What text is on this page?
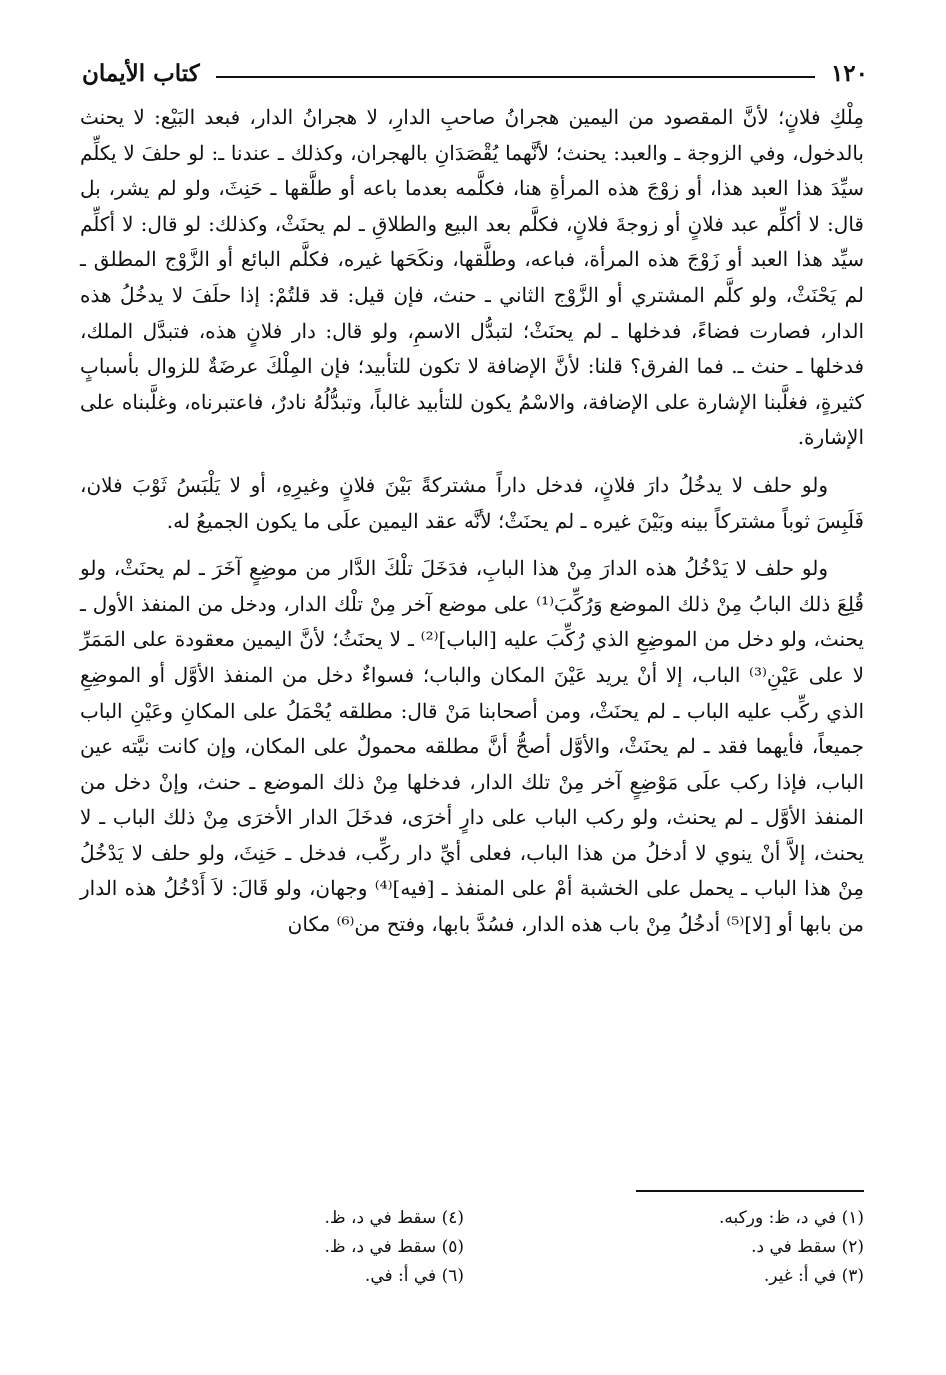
١٢٠
كتاب الأيمان

مِلْكِ فلانٍ؛ لأنَّ المقصود من اليمين هجرانُ صاحبِ الدارِ، لا هجرانُ الدار، فبعد البَيْع: لا يحنث بالدخول، وفي الزوجة ـ والعبد: يحنث؛ لأنَّهما يُقْصَدَانِ بالهجران، وكذلك ـ عندنا ـ: لو حلفَ لا يكلِّم سيِّدَ هذا العبد هذا، أو زوْجَ هذه المرأةِ هنا، فكلَّمه بعدما باعه أو طلَّقها ـ حَنِثَ، ولو لم يشر، بل قال: لا أكلِّم عبد فلانٍ أو زوجةَ فلانٍ، فكلَّم بعد البيع والطلاقِ ـ لم يحنَثْ، وكذلك: لو قال: لا أكلِّم سيِّد هذا العبد أو زَوْجَ هذه المرأة، فباعه، وطلَّقها، ونكَحَها غيره، فكلَّم البائع أو الزَّوْج المطلق ـ لم يَحْنَثْ، ولو كلَّم المشتري أو الزَّوْج الثاني ـ حنث، فإن قيل: قد قلتُمْ: إذا حلَفَ لا يدخُلُ هذه الدار، فصارت فضاءً، فدخلها ـ لم يحنَثْ؛ لتبدُّل الاسمِ، ولو قال: دار فلانٍ هذه، فتبدَّل الملك، فدخلها ـ حنث ـ. فما الفرق؟ قلنا: لأنَّ الإضافة لا تكون للتأبيد؛ فإن المِلْكَ عرضَةٌ للزوال بأسبابٍ كثيرةٍ، فغلَّبنا الإشارة على الإضافة، والاسْمُ يكون للتأبيد غالباً، وتبدُّلُهُ نادرٌ، فاعتبرناه، وغلَّبناه على الإشارة.

ولو حلف لا يدخُلُ دارَ فلانٍ، فدخل داراً مشتركةً بَيْنَ فلانٍ وغيرِهِ، أو لا يَلْبَسُ ثَوْبَ فلان، فَلَبِسَ ثوباً مشتركاً بينه وبَيْنَ غيره ـ لم يحنَثْ؛ لأنَّه عقد اليمين علَى ما يكون الجميعُ له.

ولو حلف لا يَدْخُلُ هذه الدارَ مِنْ هذا البابِ، فدَخَلَ تلْكَ الدَّار من موضِعٍ آخَرَ ـ لم يحنَثْ، ولو قُلِعَ ذلك البابُ مِنْ ذلك الموضع وَرُكِّبَ⁽¹⁾ على موضع آخر مِنْ تلْك الدار، ودخل من المنفذ الأول ـ يحنث، ولو دخل من الموضِعِ الذي رُكِّبَ عليه [الباب]⁽²⁾ ـ لا يحنَثُ؛ لأنَّ اليمين معقودة على المَمَرِّ لا على عَيْنِ⁽³⁾ الباب، إلا أنْ يريد عَيْنَ المكان والباب؛ فسواءٌ دخل من المنفذ الأوَّل أو الموضِعِ الذي ركِّب عليه الباب ـ لم يحنَثْ، ومن أصحابنا مَنْ قال: مطلقه يُحْمَلُ على المكانِ وعَيْنِ الباب جميعاً، فأيهما فقد ـ لم يحنَثْ، والأوَّل أصحُّ أنَّ مطلقه محمولٌ على المكان، وإن كانت نيَّته عين الباب، فإذا ركب علَى مَوْضِعٍ آخر مِنْ تلك الدار، فدخلها مِنْ ذلك الموضع ـ حنث، وإنْ دخل من المنفذ الأوَّل ـ لم يحنث، ولو ركب الباب على دارٍ أخرَى، فدخَلَ الدار الأخرَى مِنْ ذلك الباب ـ لا يحنث، إلاَّ أنْ ينوي لا أدخلُ من هذا الباب، فعلى أيِّ دار ركِّب، فدخل ـ حَنِثَ، ولو حلف لا يَدْخُلُ مِنْ هذا الباب ـ يحمل على الخشبة أمْ على المنفذ ـ [فيه]⁽⁴⁾ وجهان، ولو قَالَ: لاَ أَدْخُلُ هذه الدار من بابها أو [لا]⁽⁵⁾ أدخُلُ مِنْ باب هذه الدار، فسُدَّ بابها، وفتح من⁽⁶⁾ مكان

(١) في د، ظ: وركبه.
(٢) سقط في د.
(٣) في أ: غير.
(٤) سقط في د، ظ.
(٥) سقط في د، ظ.
(٦) في أ: في.
